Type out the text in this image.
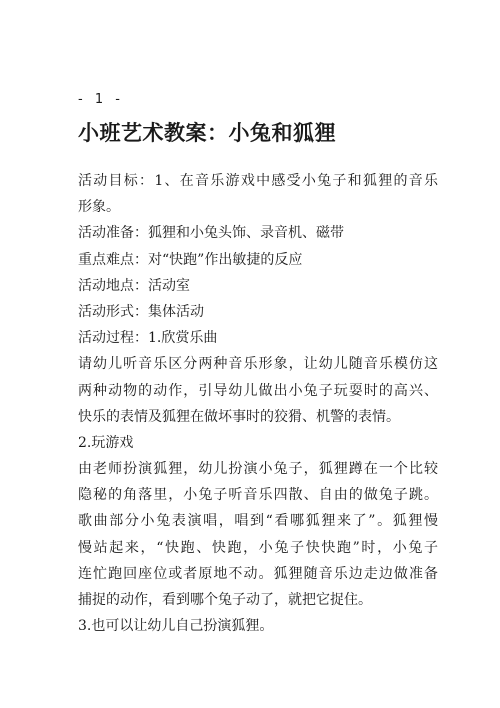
- 1 -
小班艺术教案：小兔和狐狸
活动目标：1、在音乐游戏中感受小兔子和狐狸的音乐
形象。
活动准备：狐狸和小兔头饰、录音机、磁带
重点难点：对“快跑”作出敏捷的反应
活动地点：活动室
活动形式：集体活动
活动过程：1.欣赏乐曲
请幼儿听音乐区分两种音乐形象，让幼儿随音乐模仿这
两种动物的动作，引导幼儿做出小兔子玩耍时的高兴、
快乐的表情及狐狸在做坏事时的狡猾、机警的表情。
2.玩游戏
由老师扮演狐狸，幼儿扮演小兔子，狐狸蹲在一个比较
隐秘的角落里，小兔子听音乐四散、自由的做兔子跳。
歌曲部分小兔表演唱，唱到“看哪狐狸来了”。狐狸慢
慢站起来，“快跑、快跑，小兔子快快跑”时，小兔子
连忙跑回座位或者原地不动。狐狸随音乐边走边做准备
捕捉的动作，看到哪个兔子动了，就把它捉住。
3.也可以让幼儿自己扮演狐狸。
